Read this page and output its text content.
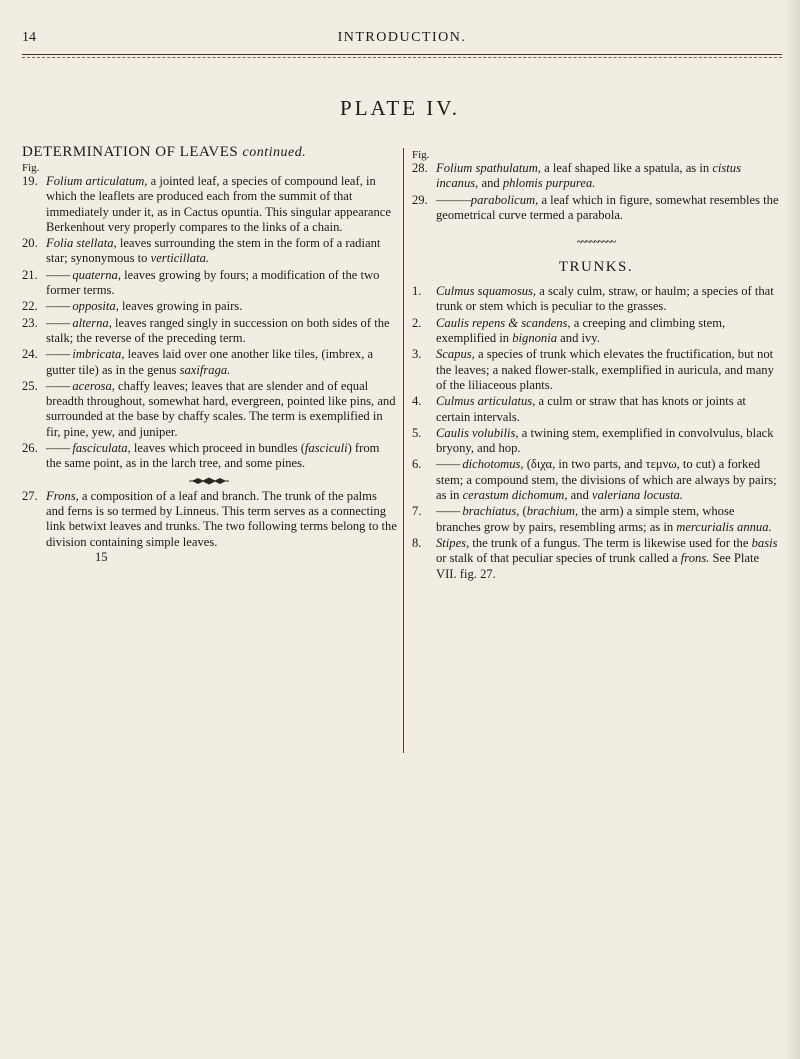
14	INTRODUCTION.
PLATE IV.
DETERMINATION OF LEAVES continued.
Fig.
19. Folium articulatum, a jointed leaf, a species of compound leaf, in which the leaflets are produced each from the summit of that immediately under it, as in Cactus opuntia. This singular appearance Berkenhout very properly compares to the links of a chain.
20. Folia stellata, leaves surrounding the stem in the form of a radiant star; synonymous to verticillata.
21. —— quaterna, leaves growing by fours; a modification of the two former terms.
22. —— opposita, leaves growing in pairs.
23. —— alterna, leaves ranged singly in succession on both sides of the stalk; the reverse of the preceding term.
24. —— imbricata, leaves laid over one another like tiles, (imbrex, a gutter tile) as in the genus saxifraga.
25. —— acerosa, chaffy leaves; leaves that are slender and of equal breadth throughout, somewhat hard, evergreen, pointed like pins, and surrounded at the base by chaffy scales. The term is exemplified in fir, pine, yew, and juniper.
26. —— fasciculata, leaves which proceed in bundles (fasciculi) from the same point, as in the larch tree, and some pines.
27. Frons, a composition of a leaf and branch. The trunk of the palms and ferns is so termed by Linneus. This term serves as a connecting link betwixt leaves and trunks. The two following terms belong to the division containing simple leaves.
15
Fig.
28. Folium spathulatum, a leaf shaped like a spatula, as in cistus incanus, and phlomis purpurea.
29. ———parabolicum, a leaf which in figure, somewhat resembles the geometrical curve termed a parabola.
~~~~~~~~~
TRUNKS.
1. Culmus squamosus, a scaly culm, straw, or haulm; a species of that trunk or stem which is peculiar to the grasses.
2. Caulis repens & scandens, a creeping and climbing stem, exemplified in bignonia and ivy.
3. Scapus, a species of trunk which elevates the fructification, but not the leaves; a naked flower-stalk, exemplified in auricula, and many of the liliaceous plants.
4. Culmus articulatus, a culm or straw that has knots or joints at certain intervals.
5. Caulis volubilis, a twining stem, exemplified in convolvulus, black bryony, and hop.
6. —— dichotomus, (διχα, in two parts, and τεμνω, to cut) a forked stem; a compound stem, the divisions of which are always by pairs; as in cerastum dichomum, and valeriana locusta.
7. —— brachiatus, (brachium, the arm) a simple stem, whose branches grow by pairs, resembling arms; as in mercurialis annua.
8. Stipes, the trunk of a fungus. The term is likewise used for the basis or stalk of that peculiar species of trunk called a frons. See Plate VII. fig. 27.
